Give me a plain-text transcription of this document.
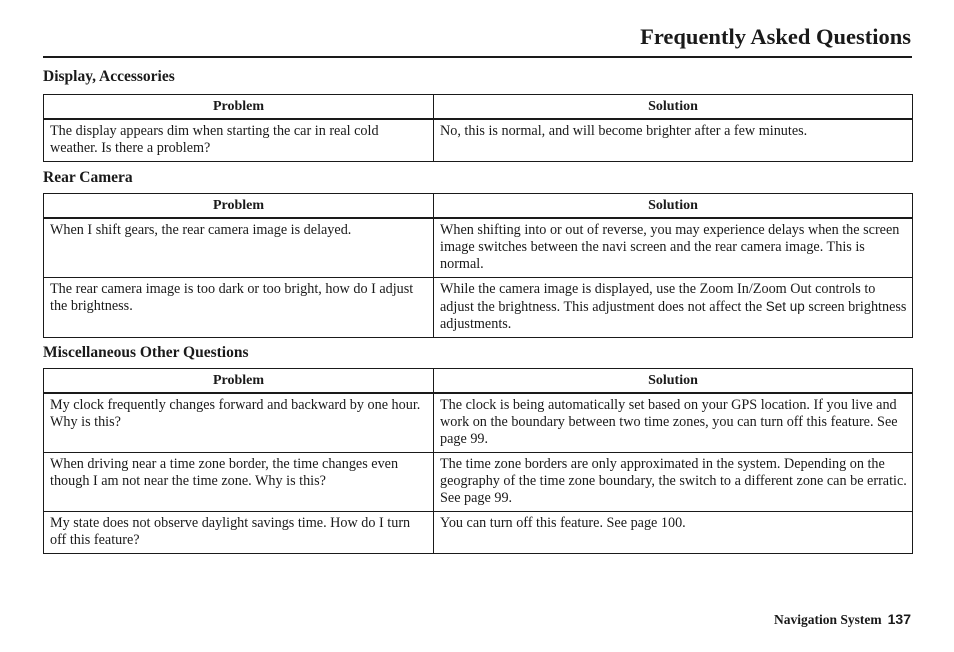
Frequently Asked Questions
Display, Accessories
Problem	Solution
The display appears dim when starting the car in real cold weather. Is there a problem?	No, this is normal, and will become brighter after a few minutes.
Rear Camera
Problem	Solution
When I shift gears, the rear camera image is delayed.	When shifting into or out of reverse, you may experience delays when the screen image switches between the navi screen and the rear camera image. This is normal.
The rear camera image is too dark or too bright, how do I adjust the brightness.	While the camera image is displayed, use the Zoom In/Zoom Out controls to adjust the brightness. This adjustment does not affect the Set up screen brightness adjustments.
Miscellaneous Other Questions
Problem	Solution
My clock frequently changes forward and backward by one hour. Why is this?	The clock is being automatically set based on your GPS location. If you live and work on the boundary between two time zones, you can turn off this feature. See page 99.
When driving near a time zone border, the time changes even though I am not near the time zone. Why is this?	The time zone borders are only approximated in the system. Depending on the geography of the time zone boundary, the switch to a different zone can be erratic. See page 99.
My state does not observe daylight savings time. How do I turn off this feature?	You can turn off this feature. See page 100.
Navigation System 137
